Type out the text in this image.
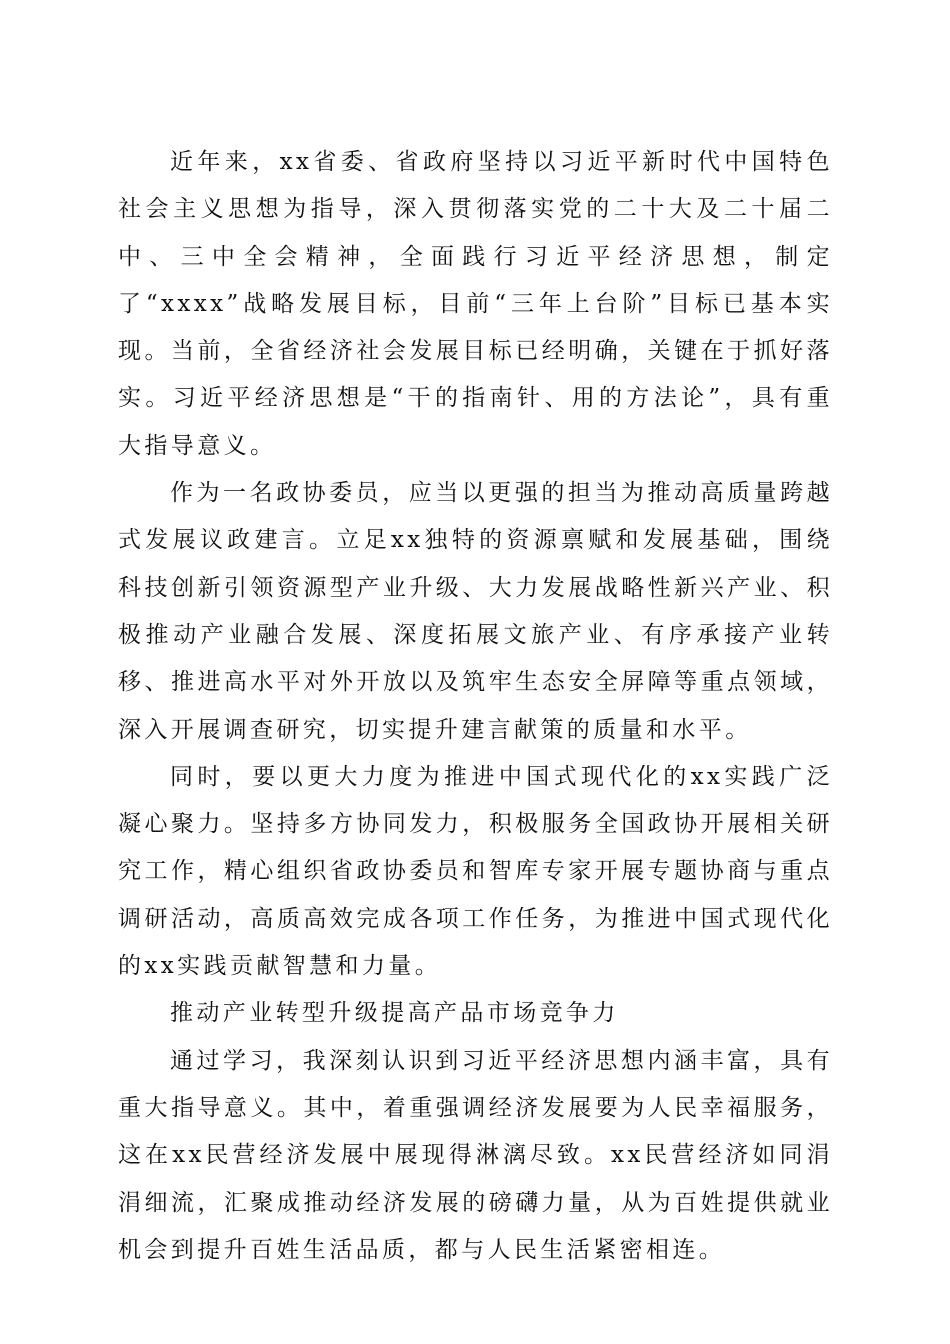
近年来，xx省委、省政府坚持以习近平新时代中国特色社会主义思想为指导，深入贯彻落实党的二十大及二十届二中、三中全会精神，全面践行习近平经济思想，制定了“xxxx”战略发展目标，目前“三年上台阶”目标已基本实现。当前，全省经济社会发展目标已经明确，关键在于抓好落实。习近平经济思想是“干的指南针、用的方法论”，具有重大指导意义。

作为一名政协委员，应当以更强的担当为推动高质量跨越式发展议政建言。立足xx独特的资源禀赋和发展基础，围绕科技创新引领资源型产业升级、大力发展战略性新兴产业、积极推动产业融合发展、深度拓展文旅产业、有序承接产业转移、推进高水平对外开放以及筑牢生态安全屏障等重点领域，深入开展调查研究，切实提升建言献策的质量和水平。

同时，要以更大力度为推进中国式现代化的xx实践广泛凝心聚力。坚持多方协同发力，积极服务全国政协开展相关研究工作，精心组织省政协委员和智库专家开展专题协商与重点调研活动，高质高效完成各项工作任务，为推进中国式现代化的xx实践贡献智慧和力量。

推动产业转型升级提高产品市场竞争力

通过学习，我深刻认识到习近平经济思想内涵丰富，具有重大指导意义。其中，着重强调经济发展要为人民幸福服务，这在xx民营经济发展中展现得淋漓尽致。xx民营经济如同涓涓细流，汇聚成推动经济发展的磅礴力量，从为百姓提供就业机会到提升百姓生活品质，都与人民生活紧密相连。
